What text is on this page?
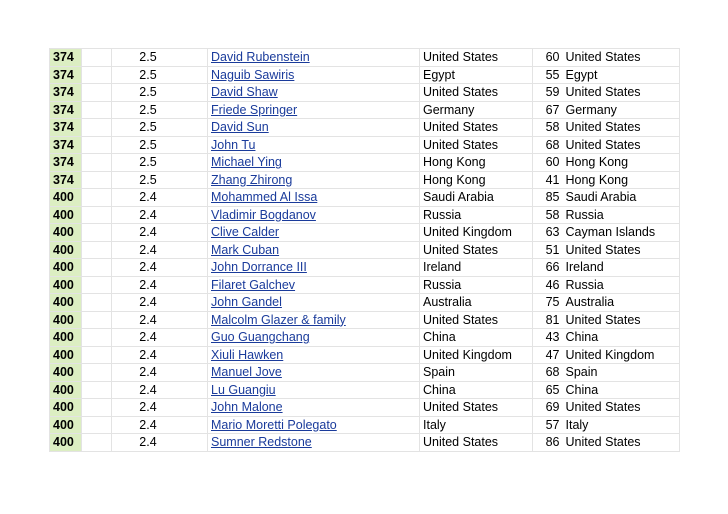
374		2.5	David Rubenstein	United States	60	United States
374		2.5	Naguib Sawiris	Egypt	55	Egypt
374		2.5	David Shaw	United States	59	United States
374		2.5	Friede Springer	Germany	67	Germany
374		2.5	David Sun	United States	58	United States
374		2.5	John Tu	United States	68	United States
374		2.5	Michael Ying	Hong Kong	60	Hong Kong
374		2.5	Zhang Zhirong	Hong Kong	41	Hong Kong
400		2.4	Mohammed Al Issa	Saudi Arabia	85	Saudi Arabia
400		2.4	Vladimir Bogdanov	Russia	58	Russia
400		2.4	Clive Calder	United Kingdom	63	Cayman Islands
400		2.4	Mark Cuban	United States	51	United States
400		2.4	John Dorrance III	Ireland	66	Ireland
400		2.4	Filaret Galchev	Russia	46	Russia
400		2.4	John Gandel	Australia	75	Australia
400		2.4	Malcolm Glazer & family	United States	81	United States
400		2.4	Guo Guangchang	China	43	China
400		2.4	Xiuli Hawken	United Kingdom	47	United Kingdom
400		2.4	Manuel Jove	Spain	68	Spain
400		2.4	Lu Guangiu	China	65	China
400		2.4	John Malone	United States	69	United States
400		2.4	Mario Moretti Polegato	Italy	57	Italy
400		2.4	Sumner Redstone	United States	86	United States
